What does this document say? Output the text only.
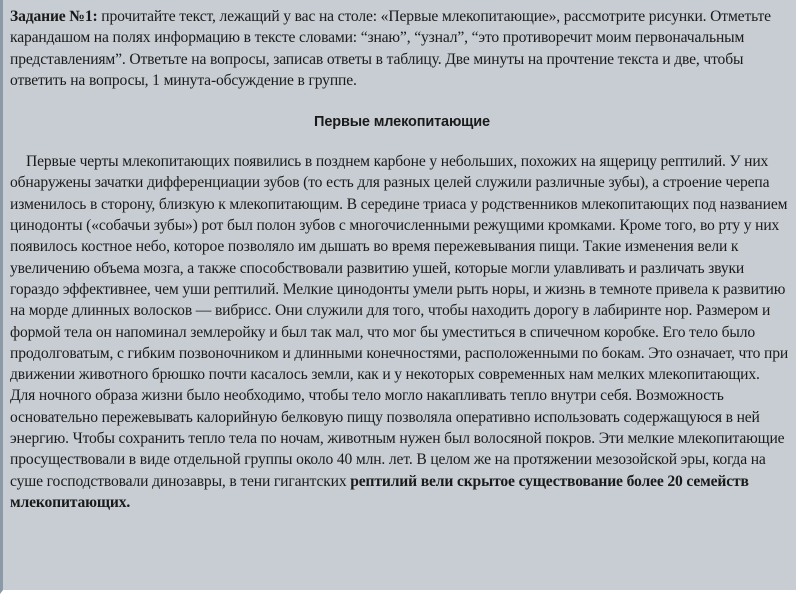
Задание №1: прочитайте текст, лежащий у вас на столе: «Первые млекопитающие», рассмотрите рисунки. Отметьте карандашом на полях информацию в тексте словами: “знаю”, “узнал”, “это противоречит моим первоначальным представлениям”. Ответьте на вопросы, записав ответы в таблицу. Две минуты на прочтение текста и две, чтобы ответить на вопросы, 1 минута-обсуждение в группе.

Первые млекопитающие

Первые черты млекопитающих появились в позднем карбоне у небольших, похожих на ящерицу рептилий. У них обнаружены зачатки дифференциации зубов (то есть для разных целей служили различные зубы), а строение черепа изменилось в сторону, близкую к млекопитающим. В середине триаса у родственников млекопитающих под названием цинодонты («собачьи зубы») рот был полон зубов с многочисленными режущими кромками. Кроме того, во рту у них появилось костное небо, которое позволяло им дышать во время пережевывания пищи. Такие изменения вели к увеличению объема мозга, а также способствовали развитию ушей, которые могли улавливать и различать звуки гораздо эффективнее, чем уши рептилий. Мелкие цинодонты умели рыть норы, и жизнь в темноте привела к развитию на морде длинных волосков — вибрисс. Они служили для того, чтобы находить дорогу в лабиринте нор. Размером и формой тела он напоминал землеройку и был так мал, что мог бы уместиться в спичечном коробке. Его тело было продолговатым, с гибким позвоночником и длинными конечностями, расположенными по бокам. Это означает, что при движении животного брюшко почти касалось земли, как и у некоторых современных нам мелких млекопитающих.

Для ночного образа жизни было необходимо, чтобы тело могло накапливать тепло внутри себя. Возможность основательно пережевывать калорийную белковую пищу позволяла оперативно использовать содержащуюся в ней энергию. Чтобы сохранить тепло тела по ночам, животным нужен был волосяной покров. Эти мелкие млекопитающие просуществовали в виде отдельной группы около 40 млн. лет. В целом же на протяжении мезозойской эры, когда на суше господствовали динозавры, в тени гигантских рептилий вели скрытое существование более 20 семейств млекопитающих.
